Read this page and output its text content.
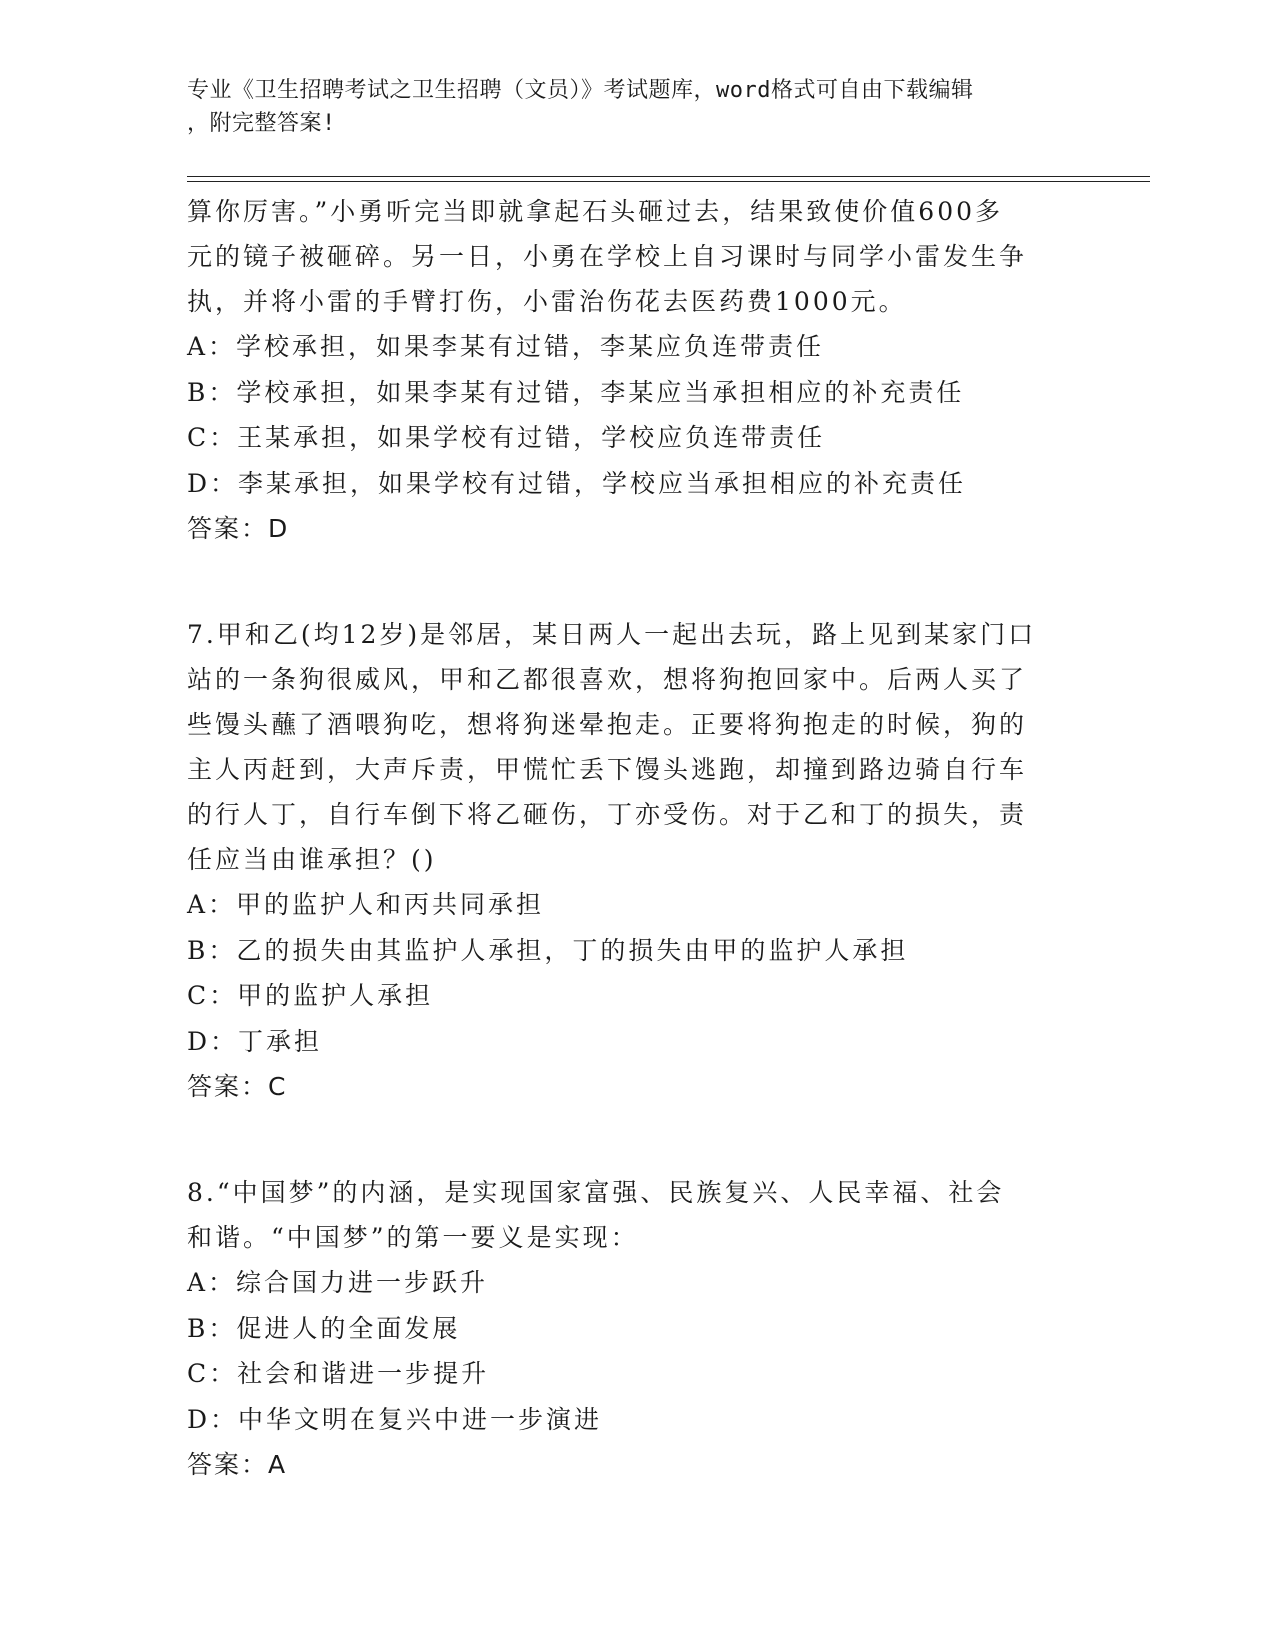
专业《卫生招聘考试之卫生招聘（文员）》考试题库，word格式可自由下载编辑
，附完整答案!

算你厉害。”小勇听完当即就拿起石头砸过去，结果致使价值600多

元的镜子被砸碎。另一日，小勇在学校上自习课时与同学小雷发生争

执，并将小雷的手臂打伤，小雷治伤花去医药费1000元。

A：学校承担，如果李某有过错，李某应负连带责任

B：学校承担，如果李某有过错，李某应当承担相应的补充责任

C：王某承担，如果学校有过错，学校应负连带责任

D：李某承担，如果学校有过错，学校应当承担相应的补充责任

答案：D

7.甲和乙(均12岁)是邻居，某日两人一起出去玩，路上见到某家门口

站的一条狗很威风，甲和乙都很喜欢，想将狗抱回家中。后两人买了

些馒头蘸了酒喂狗吃，想将狗迷晕抱走。正要将狗抱走的时候，狗的

主人丙赶到，大声斥责，甲慌忙丢下馒头逃跑，却撞到路边骑自行车

的行人丁，自行车倒下将乙砸伤，丁亦受伤。对于乙和丁的损失，责

任应当由谁承担？()

A：甲的监护人和丙共同承担

B：乙的损失由其监护人承担，丁的损失由甲的监护人承担

C：甲的监护人承担

D：丁承担

答案：C

8.“中国梦”的内涵，是实现国家富强、民族复兴、人民幸福、社会

和谐。“中国梦”的第一要义是实现：

A：综合国力进一步跃升

B：促进人的全面发展

C：社会和谐进一步提升

D：中华文明在复兴中进一步演进

答案：A
